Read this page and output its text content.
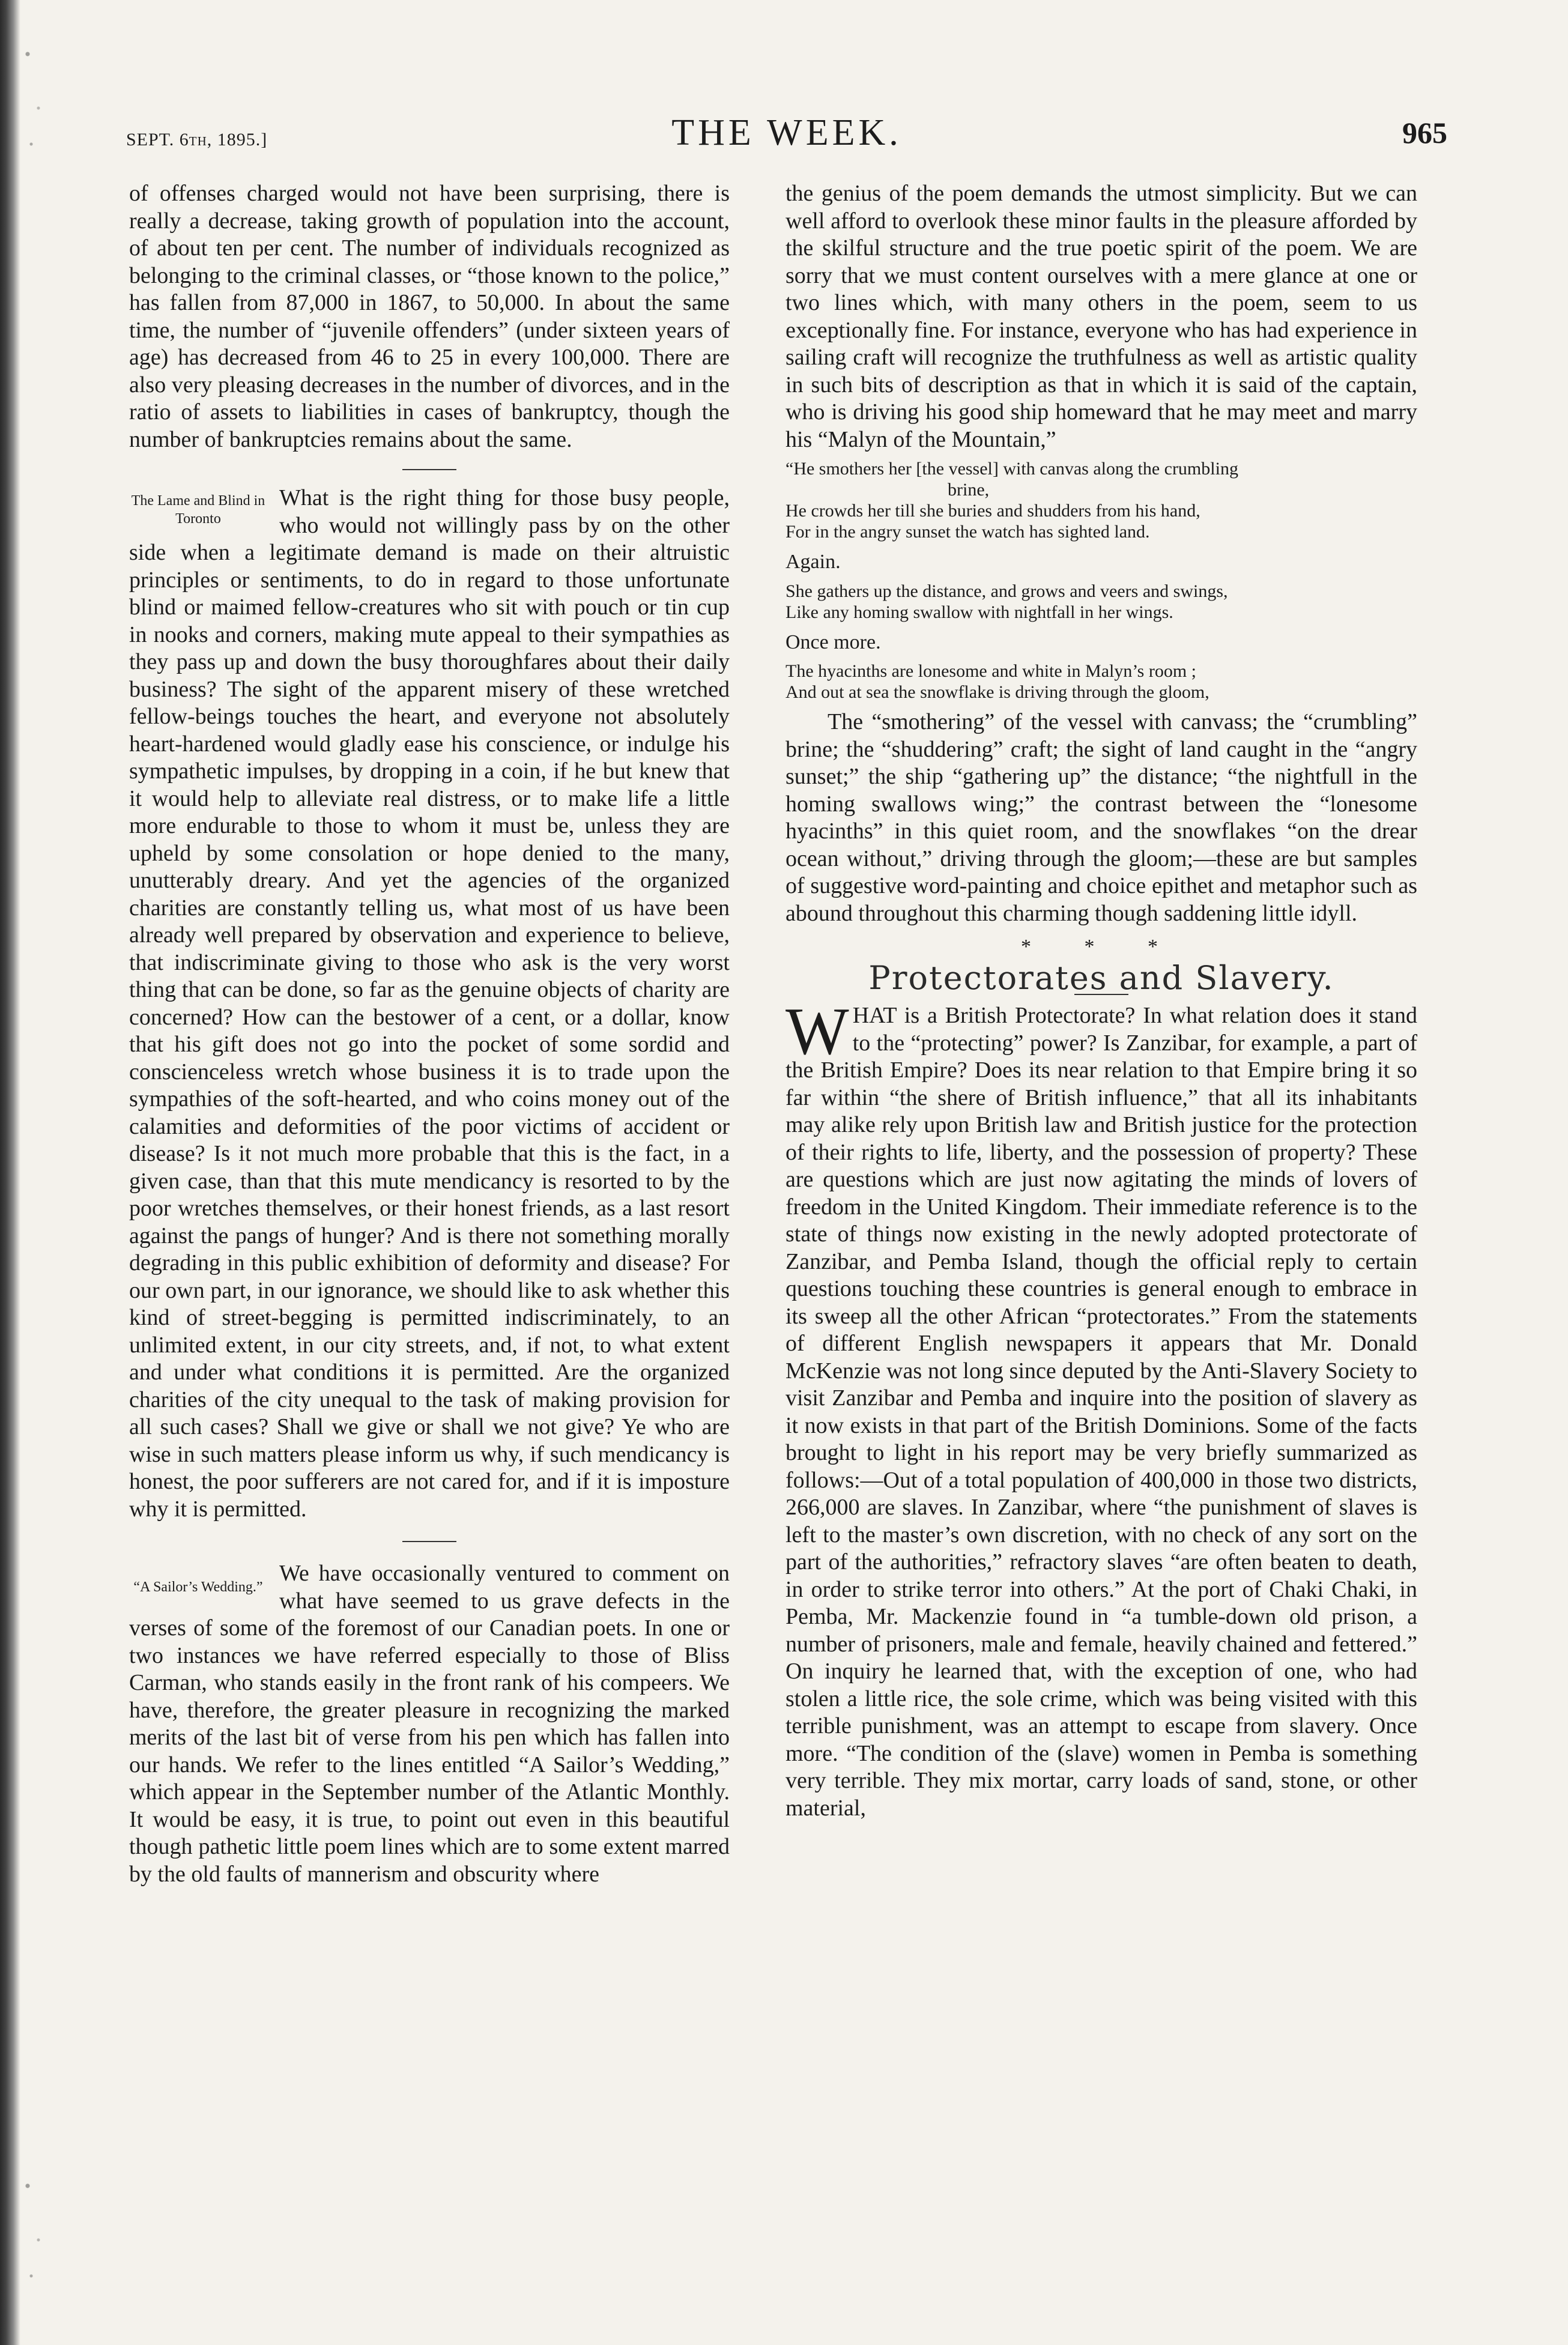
SEPT. 6th, 1895.]	THE WEEK.	965

of offenses charged would not have been surprising, there is really a decrease, taking growth of population into the account, of about ten per cent. The number of individuals recognized as belonging to the criminal classes, or “those known to the police,” has fallen from 87,000 in 1867, to 50,000. In about the same time, the number of “juvenile offenders” (under sixteen years of age) has decreased from 46 to 25 in every 100,000. There are also very pleasing decreases in the number of divorces, and in the ratio of assets to liabilities in cases of bankruptcy, though the number of bankruptcies remains about the same.

The Lame and Blind in Toronto

What is the right thing for those busy people, who would not willingly pass by on the other side when a legitimate demand is made on their altruistic principles or sentiments, to do in regard to those unfortunate blind or maimed fellow-creatures who sit with pouch or tin cup in nooks and corners, making mute appeal to their sympathies as they pass up and down the busy thoroughfares about their daily business? The sight of the apparent misery of these wretched fellow-beings touches the heart, and everyone not absolutely heart-hardened would gladly ease his conscience, or indulge his sympathetic impulses, by dropping in a coin, if he but knew that it would help to alleviate real distress, or to make life a little more endurable to those to whom it must be, unless they are upheld by some consolation or hope denied to the many, unutterably dreary. And yet the agencies of the organized charities are constantly telling us, what most of us have been already well prepared by observation and experience to believe, that indiscriminate giving to those who ask is the very worst thing that can be done, so far as the genuine objects of charity are concerned? How can the bestower of a cent, or a dollar, know that his gift does not go into the pocket of some sordid and conscienceless wretch whose business it is to trade upon the sympathies of the soft-hearted, and who coins money out of the calamities and deformities of the poor victims of accident or disease? Is it not much more probable that this is the fact, in a given case, than that this mute mendicancy is resorted to by the poor wretches themselves, or their honest friends, as a last resort against the pangs of hunger? And is there not something morally degrading in this public exhibition of deformity and disease? For our own part, in our ignorance, we should like to ask whether this kind of street-begging is permitted indiscriminately, to an unlimited extent, in our city streets, and, if not, to what extent and under what conditions it is permitted. Are the organized charities of the city unequal to the task of making provision for all such cases? Shall we give or shall we not give? Ye who are wise in such matters please inform us why, if such mendicancy is honest, the poor sufferers are not cared for, and if it is imposture why it is permitted.

“A Sailor’s Wedding.”

We have occasionally ventured to comment on what have seemed to us grave defects in the verses of some of the foremost of our Canadian poets. In one or two instances we have referred especially to those of Bliss Carman, who stands easily in the front rank of his compeers. We have, therefore, the greater pleasure in recognizing the marked merits of the last bit of verse from his pen which has fallen into our hands. We refer to the lines entitled “A Sailor’s Wedding,” which appear in the September number of the Atlantic Monthly. It would be easy, it is true, to point out even in this beautiful though pathetic little poem lines which are to some extent marred by the old faults of mannerism and obscurity where

the genius of the poem demands the utmost simplicity. But we can well afford to overlook these minor faults in the pleasure afforded by the skilful structure and the true poetic spirit of the poem. We are sorry that we must content ourselves with a mere glance at one or two lines which, with many others in the poem, seem to us exceptionally fine. For instance, everyone who has had experience in sailing craft will recognize the truthfulness as well as artistic quality in such bits of description as that in which it is said of the captain, who is driving his good ship homeward that he may meet and marry his “Malyn of the Mountain,”

“He smothers her [the vessel] with canvas along the crumbling
brine,
He crowds her till she buries and shudders from his hand,
For in the angry sunset the watch has sighted land.
Again.
She gathers up the distance, and grows and veers and swings,
Like any homing swallow with nightfall in her wings.
Once more.
The hyacinths are lonesome and white in Malyn’s room ;
And out at sea the snowflake is driving through the gloom,

The “smothering” of the vessel with canvass; the “crumbling” brine; the “shuddering” craft; the sight of land caught in the “angry sunset;” the ship “gathering up” the distance; “the nightfull in the homing swallows wing;” the contrast between the “lonesome hyacinths” in this quiet room, and the snowflakes “on the drear ocean without,” driving through the gloom;—these are but samples of suggestive word-painting and choice epithet and metaphor such as abound throughout this charming though saddening little idyll.

* * *
Protectorates and Slavery.

WHAT is a British Protectorate? In what relation does it stand to the “protecting” power? Is Zanzibar, for example, a part of the British Empire? Does its near relation to that Empire bring it so far within “the shere of British influence,” that all its inhabitants may alike rely upon British law and British justice for the protection of their rights to life, liberty, and the possession of property? These are questions which are just now agitating the minds of lovers of freedom in the United Kingdom. Their immediate reference is to the state of things now existing in the newly adopted protectorate of Zanzibar, and Pemba Island, though the official reply to certain questions touching these countries is general enough to embrace in its sweep all the other African “protectorates.” From the statements of different English newspapers it appears that Mr. Donald McKenzie was not long since deputed by the Anti-Slavery Society to visit Zanzibar and Pemba and inquire into the position of slavery as it now exists in that part of the British Dominions. Some of the facts brought to light in his report may be very briefly summarized as follows:—Out of a total population of 400,000 in those two districts, 266,000 are slaves. In Zanzibar, where “the punishment of slaves is left to the master’s own discretion, with no check of any sort on the part of the authorities,” refractory slaves “are often beaten to death, in order to strike terror into others.” At the port of Chaki Chaki, in Pemba, Mr. Mackenzie found in “a tumble-down old prison, a number of prisoners, male and female, heavily chained and fettered.” On inquiry he learned that, with the exception of one, who had stolen a little rice, the sole crime, which was being visited with this terrible punishment, was an attempt to escape from slavery. Once more. “The condition of the (slave) women in Pemba is something very terrible. They mix mortar, carry loads of sand, stone, or other material,
